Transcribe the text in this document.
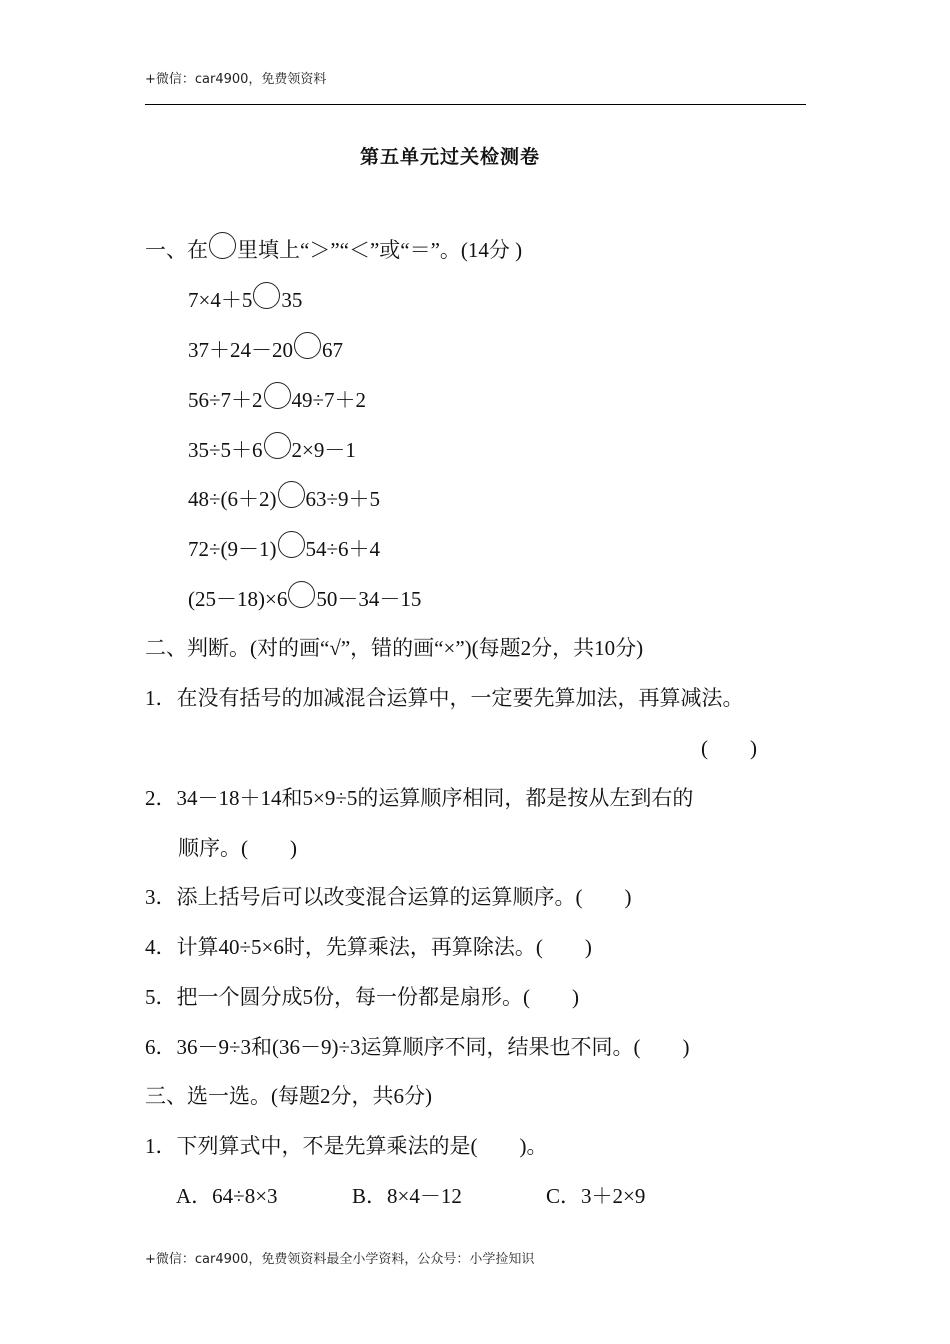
+微信：car4900，免费领资料
第五单元过关检测卷
一、在 里填上“＞”“＜”或“＝”。(14分 )
7×4＋5 35
37＋24－20 67
56÷7＋2 49÷7＋2
35÷5＋6 2×9－1
48÷(6＋2) 63÷9＋5
72÷(9－1) 54÷6＋4
(25－18)×6 50－34－15
二、判断。(对的画“√”，错的画“×”)(每题2分，共10分)
1．在没有括号的加减混合运算中，一定要先算加法，再算减法。
(　　)
2．34－18＋14和5×9÷5的运算顺序相同，都是按从左到右的
顺序。(　　)
3．添上括号后可以改变混合运算的运算顺序。(　　)
4．计算40÷5×6时，先算乘法，再算除法。(　　)
5．把一个圆分成5份，每一份都是扇形。(　　)
6．36－9÷3和(36－9)÷3运算顺序不同，结果也不同。(　　)
三、选一选。(每题2分，共6分)
1．下列算式中，不是先算乘法的是(　　)。
A．64÷8×3	B．8×4－12	C．3＋2×9
+微信：car4900，免费领资料最全小学资料，公众号：小学捡知识
